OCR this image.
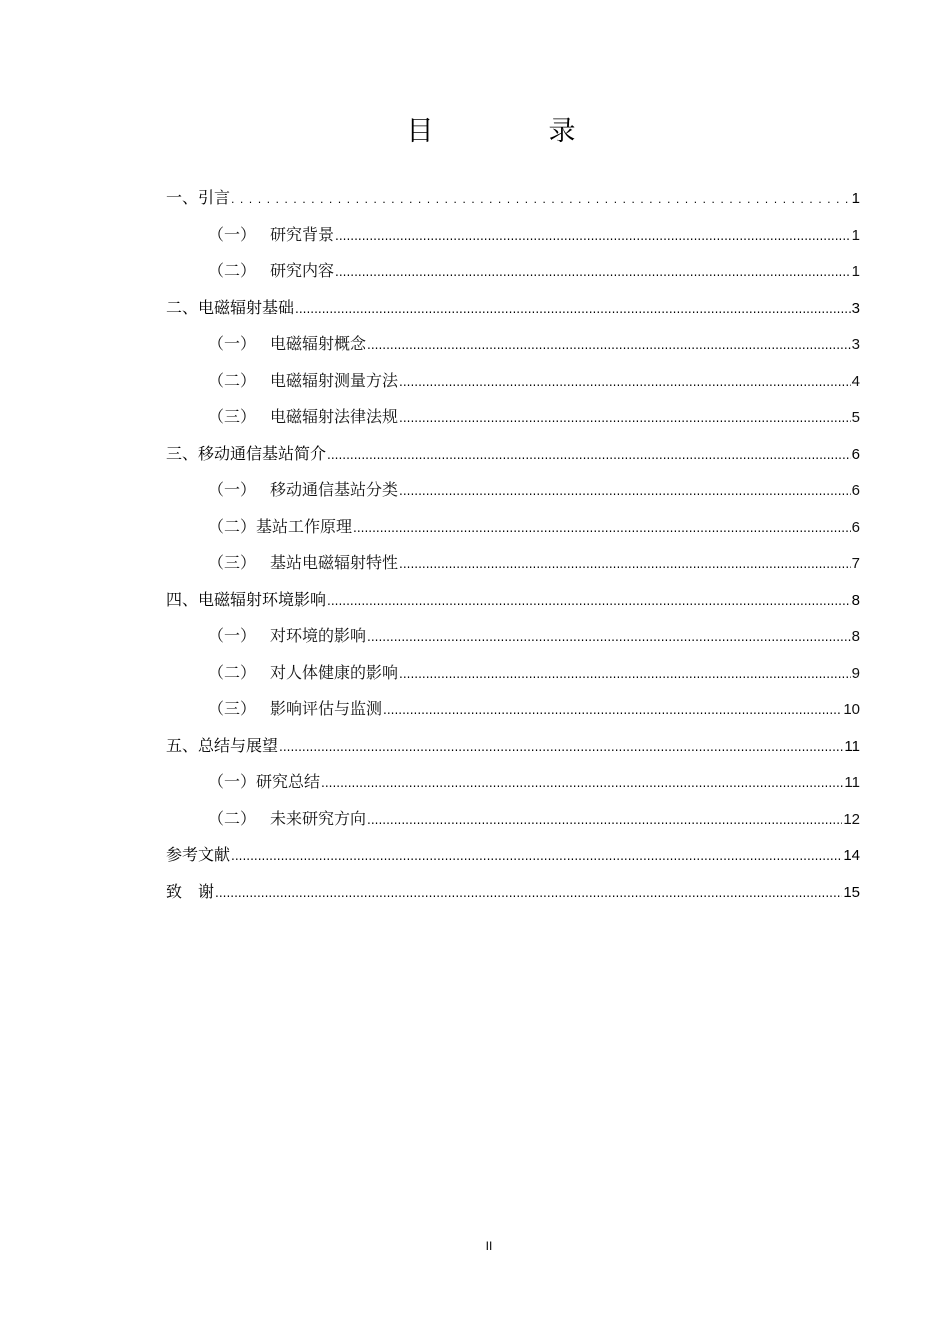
目　录
一、引言 .....	1
（一） 研究背景 .....	1
（二） 研究内容 .....	1
二、电磁辐射基础 .....	3
（一） 电磁辐射概念 .....	3
（二） 电磁辐射测量方法 .....	4
（三） 电磁辐射法律法规 .....	5
三、移动通信基站简介 .....	6
（一） 移动通信基站分类 .....	6
（二）基站工作原理 .....	6
（三） 基站电磁辐射特性 .....	7
四、电磁辐射环境影响 .....	8
（一） 对环境的影响 .....	8
（二） 对人体健康的影响 .....	9
（三） 影响评估与监测 .....	10
五、总结与展望 .....	11
（一）研究总结 .....	11
（二） 未来研究方向 .....	12
参考文献 .....	14
致　谢 .....	15
II
